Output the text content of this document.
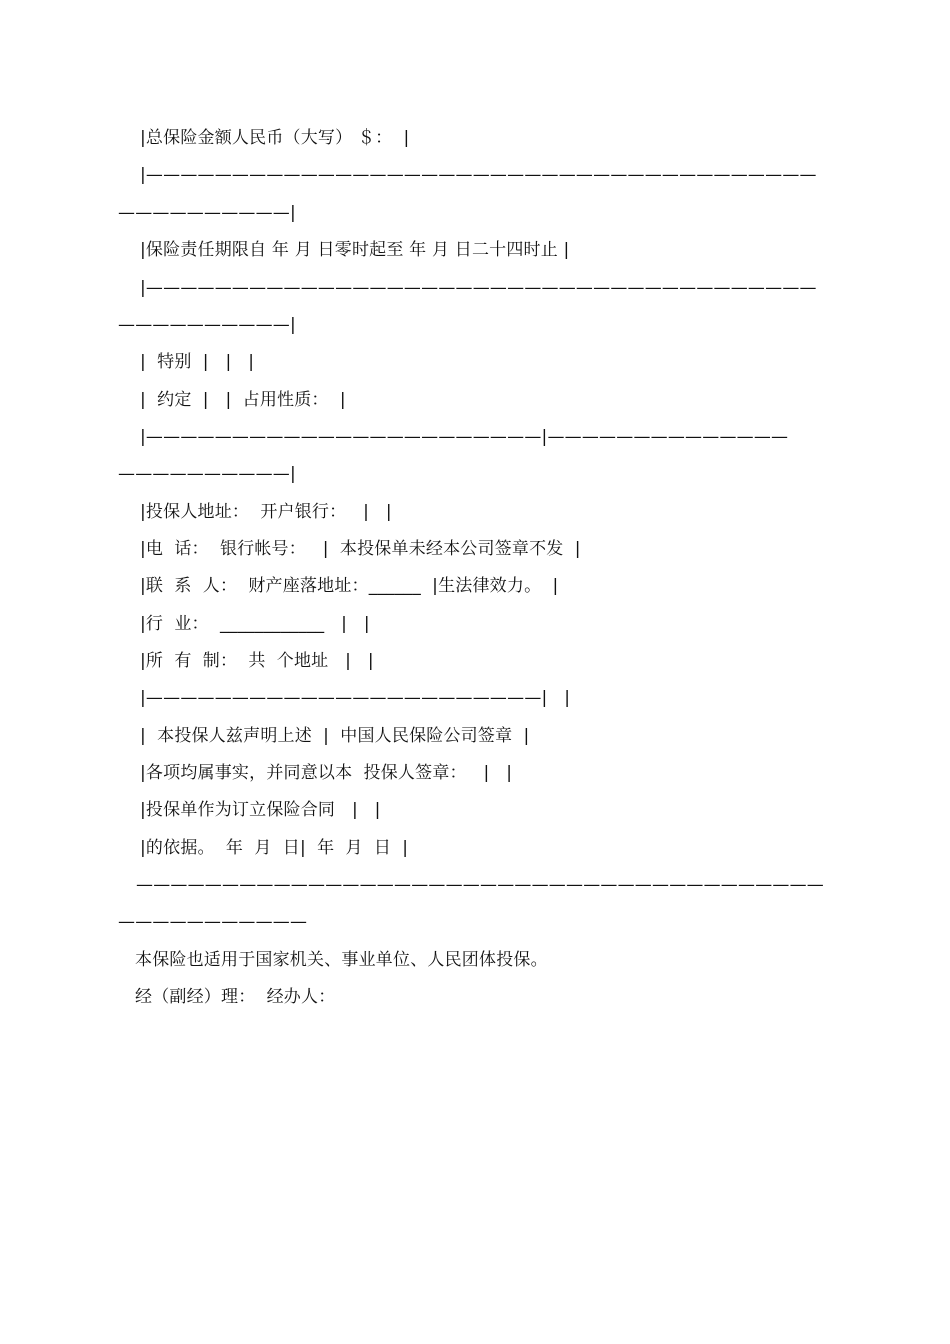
|总保险金额人民币（大写） ＄：  |

|———————————————————————————————————————

——————————|

|保险责任期限自 年 月 日零时起至 年 月 日二十四时止 |

|———————————————————————————————————————

——————————|

|  特别  |   |   |

|  约定  |   |  占用性质：  |

|———————————————————————|——————————————

——————————|

|投保人地址：  开户银行：   |   |

|电  话：  银行帐号：   |  本投保单未经本公司签章不发  |

|联  系  人：  财产座落地址：______  |生法律效力。  |

|行  业：  ____________   |   |

|所  有  制：  共  个地址   |   |

|———————————————————————|   |

|  本投保人兹声明上述  |  中国人民保险公司签章  |

|各项均属事实，并同意以本  投保人签章：   |   |

|投保单作为订立保险合同   |   |

|的依据。  年  月  日|  年  月  日  |

————————————————————————————————————————

———————————

本保险也适用于国家机关、事业单位、人民团体投保。

经（副经）理：  经办人：
